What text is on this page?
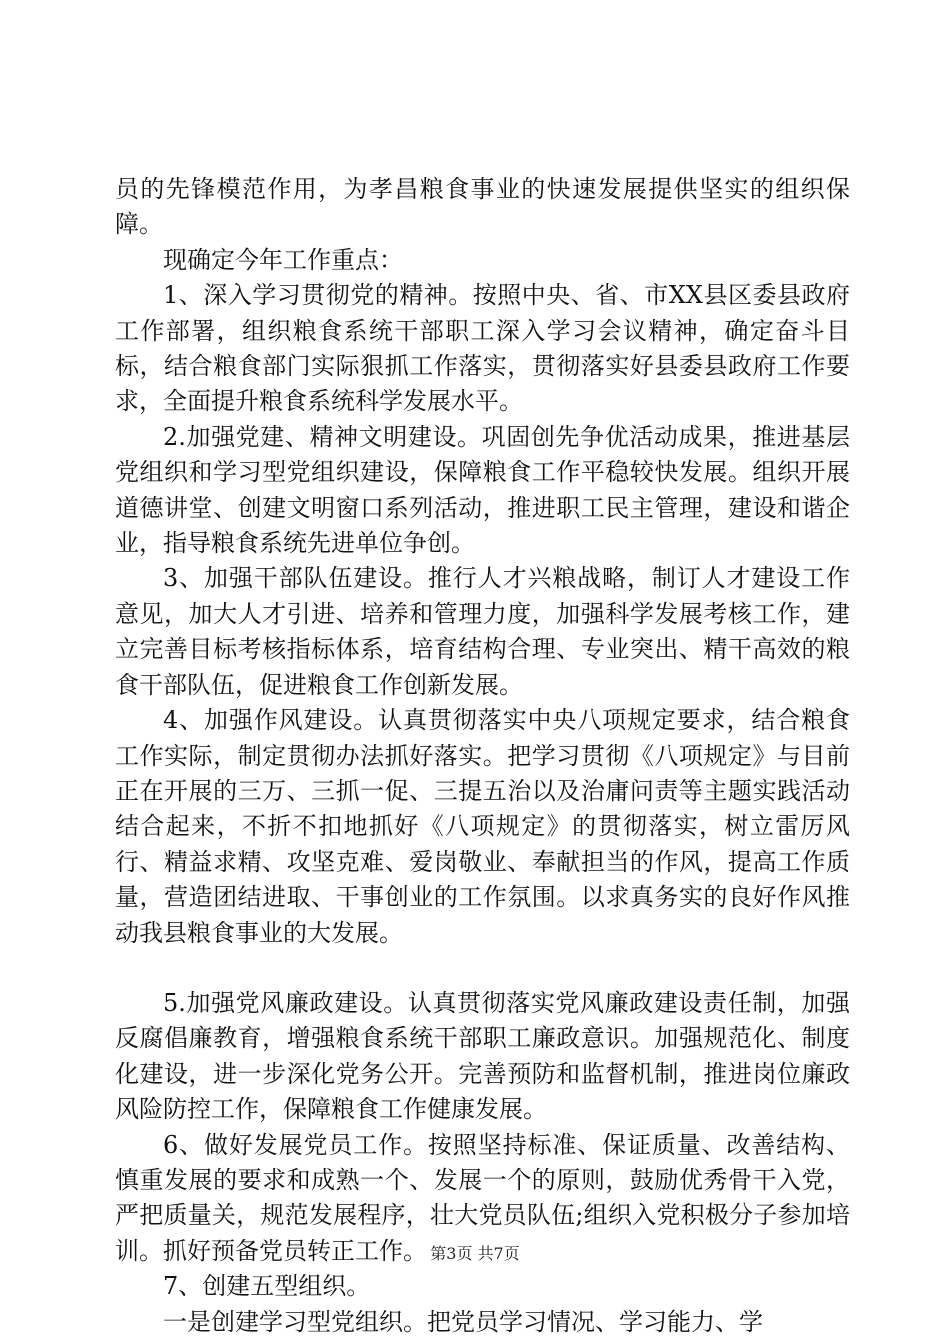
员的先锋模范作用，为孝昌粮食事业的快速发展提供坚实的组织保障。

现确定今年工作重点：

1、深入学习贯彻党的精神。按照中央、省、市XX县区委县政府工作部署，组织粮食系统干部职工深入学习会议精神，确定奋斗目标，结合粮食部门实际狠抓工作落实，贯彻落实好县委县政府工作要求，全面提升粮食系统科学发展水平。

2.加强党建、精神文明建设。巩固创先争优活动成果，推进基层党组织和学习型党组织建设，保障粮食工作平稳较快发展。组织开展道德讲堂、创建文明窗口系列活动，推进职工民主管理，建设和谐企业，指导粮食系统先进单位争创。

3、加强干部队伍建设。推行人才兴粮战略，制订人才建设工作意见，加大人才引进、培养和管理力度，加强科学发展考核工作，建立完善目标考核指标体系，培育结构合理、专业突出、精干高效的粮食干部队伍，促进粮食工作创新发展。

4、加强作风建设。认真贯彻落实中央八项规定要求，结合粮食工作实际，制定贯彻办法抓好落实。把学习贯彻《八项规定》与目前正在开展的三万、三抓一促、三提五治以及治庸问责等主题实践活动结合起来，不折不扣地抓好《八项规定》的贯彻落实，树立雷厉风行、精益求精、攻坚克难、爱岗敬业、奉献担当的作风，提高工作质量，营造团结进取、干事创业的工作氛围。以求真务实的良好作风推动我县粮食事业的大发展。

5.加强党风廉政建设。认真贯彻落实党风廉政建设责任制，加强反腐倡廉教育，增强粮食系统干部职工廉政意识。加强规范化、制度化建设，进一步深化党务公开。完善预防和监督机制，推进岗位廉政风险防控工作，保障粮食工作健康发展。

6、做好发展党员工作。按照坚持标准、保证质量、改善结构、慎重发展的要求和成熟一个、发展一个的原则，鼓励优秀骨干入党，严把质量关，规范发展程序，壮大党员队伍;组织入党积极分子参加培训。抓好预备党员转正工作。

7、创建五型组织。

一是创建学习型党组织。把党员学习情况、学习能力、学

第3页 共7页
